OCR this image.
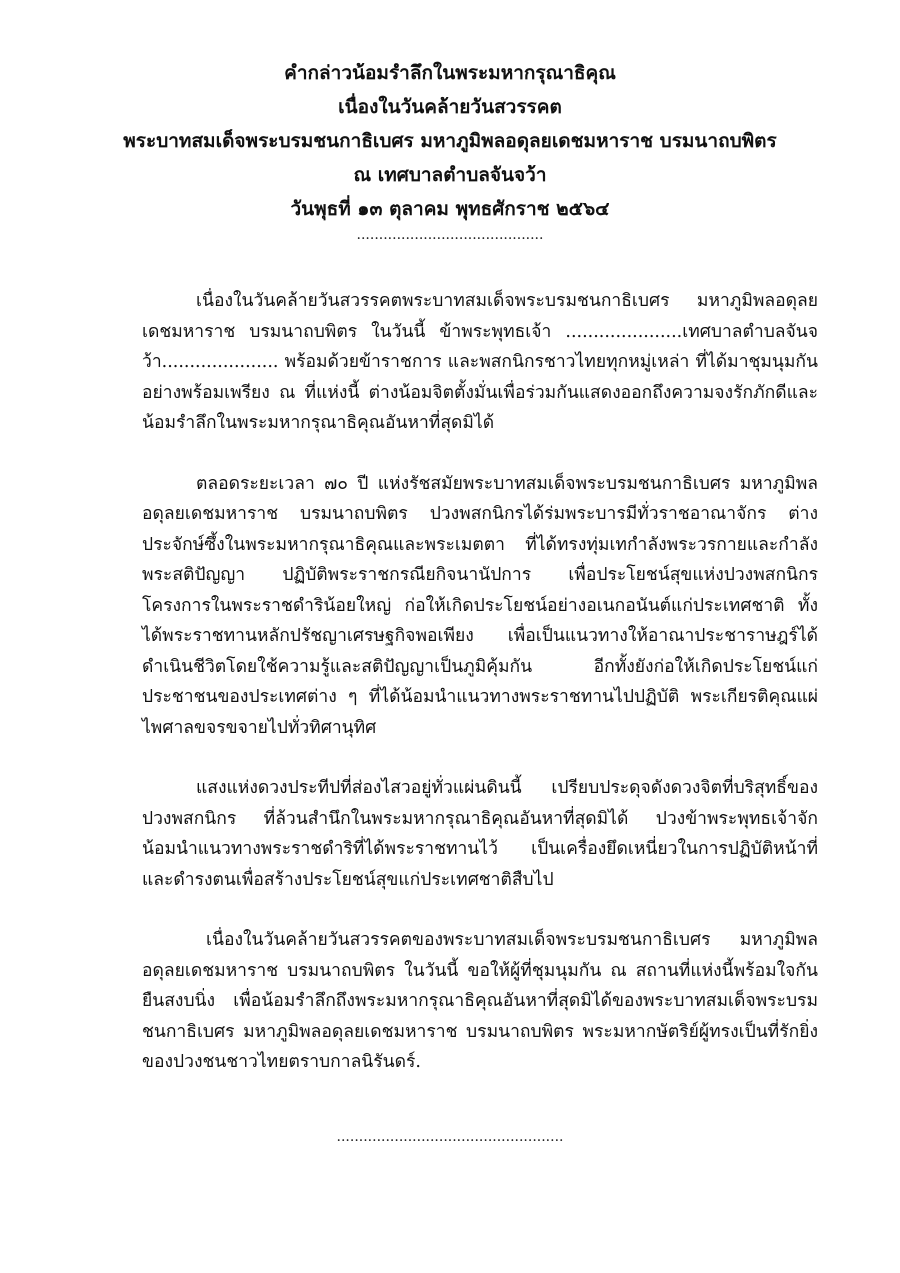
คำกล่าวน้อมรำลึกในพระมหากรุณาธิคุณ

เนื่องในวันคล้ายวันสวรรคต

พระบาทสมเด็จพระบรมชนกาธิเบศร มหาภูมิพลอดุลยเดชมหาราช บรมนาถบพิตร

ณ เทศบาลตำบลจันจว้า

วันพุธที่ ๑๓ ตุลาคม พุทธศักราช ๒๕๖๔

..........................................

เนื่องในวันคล้ายวันสวรรคตพระบาทสมเด็จพระบรมชนกาธิเบศร มหาภูมิพลอดุลยเดชมหาราช บรมนาถบพิตร ในวันนี้ ข้าพระพุทธเจ้า .....................เทศบาลตำบลจันจว้า..................... พร้อมด้วยข้าราชการ และพสกนิกรชาวไทยทุกหมู่เหล่า ที่ได้มาชุมนุมกันอย่างพร้อมเพรียง ณ ที่แห่งนี้ ต่างน้อมจิตตั้งมั่นเพื่อร่วมกันแสดงออกถึงความจงรักภักดีและน้อมรำลึกในพระมหากรุณาธิคุณอันหาที่สุดมิได้

ตลอดระยะเวลา ๗๐ ปี แห่งรัชสมัยพระบาทสมเด็จพระบรมชนกาธิเบศร มหาภูมิพลอดุลยเดชมหาราช บรมนาถบพิตร ปวงพสกนิกรได้ร่มพระบารมีทั่วราชอาณาจักร ต่างประจักษ์ซึ้งในพระมหากรุณาธิคุณและพระเมตตา ที่ได้ทรงทุ่มเทกำลังพระวรกายและกำลังพระสติปัญญา ปฏิบัติพระราชกรณียกิจนานัปการ เพื่อประโยชน์สุขแห่งปวงพสกนิกร โครงการในพระราชดำริน้อยใหญ่ ก่อให้เกิดประโยชน์อย่างอเนกอนันต์แก่ประเทศชาติ ทั้งได้พระราชทานหลักปรัชญาเศรษฐกิจพอเพียง เพื่อเป็นแนวทางให้อาณาประชาราษฎร์ได้ดำเนินชีวิตโดยใช้ความรู้และสติปัญญาเป็นภูมิคุ้มกัน อีกทั้งยังก่อให้เกิดประโยชน์แก่ประชาชนของประเทศต่าง ๆ ที่ได้น้อมนำแนวทางพระราชทานไปปฏิบัติ พระเกียรติคุณแผ่ไพศาลขจรขจายไปทั่วทิศานุทิศ

แสงแห่งดวงประทีปที่ส่องไสวอยู่ทั่วแผ่นดินนี้ เปรียบประดุจดังดวงจิตที่บริสุทธิ์ของปวงพสกนิกร ที่ล้วนสำนึกในพระมหากรุณาธิคุณอันหาที่สุดมิได้ ปวงข้าพระพุทธเจ้าจักน้อมนำแนวทางพระราชดำริที่ได้พระราชทานไว้ เป็นเครื่องยึดเหนี่ยวในการปฏิบัติหน้าที่และดำรงตนเพื่อสร้างประโยชน์สุขแก่ประเทศชาติสืบไป

เนื่องในวันคล้ายวันสวรรคตของพระบาทสมเด็จพระบรมชนกาธิเบศร มหาภูมิพลอดุลยเดชมหาราช บรมนาถบพิตร ในวันนี้ ขอให้ผู้ที่ชุมนุมกัน ณ สถานที่แห่งนี้พร้อมใจกันยืนสงบนิ่ง เพื่อน้อมรำลึกถึงพระมหากรุณาธิคุณอันหาที่สุดมิได้ของพระบาทสมเด็จพระบรมชนกาธิเบศร มหาภูมิพลอดุลยเดชมหาราช บรมนาถบพิตร พระมหากษัตริย์ผู้ทรงเป็นที่รักยิ่งของปวงชนชาวไทยตราบกาลนิรันดร์.

...................................................
